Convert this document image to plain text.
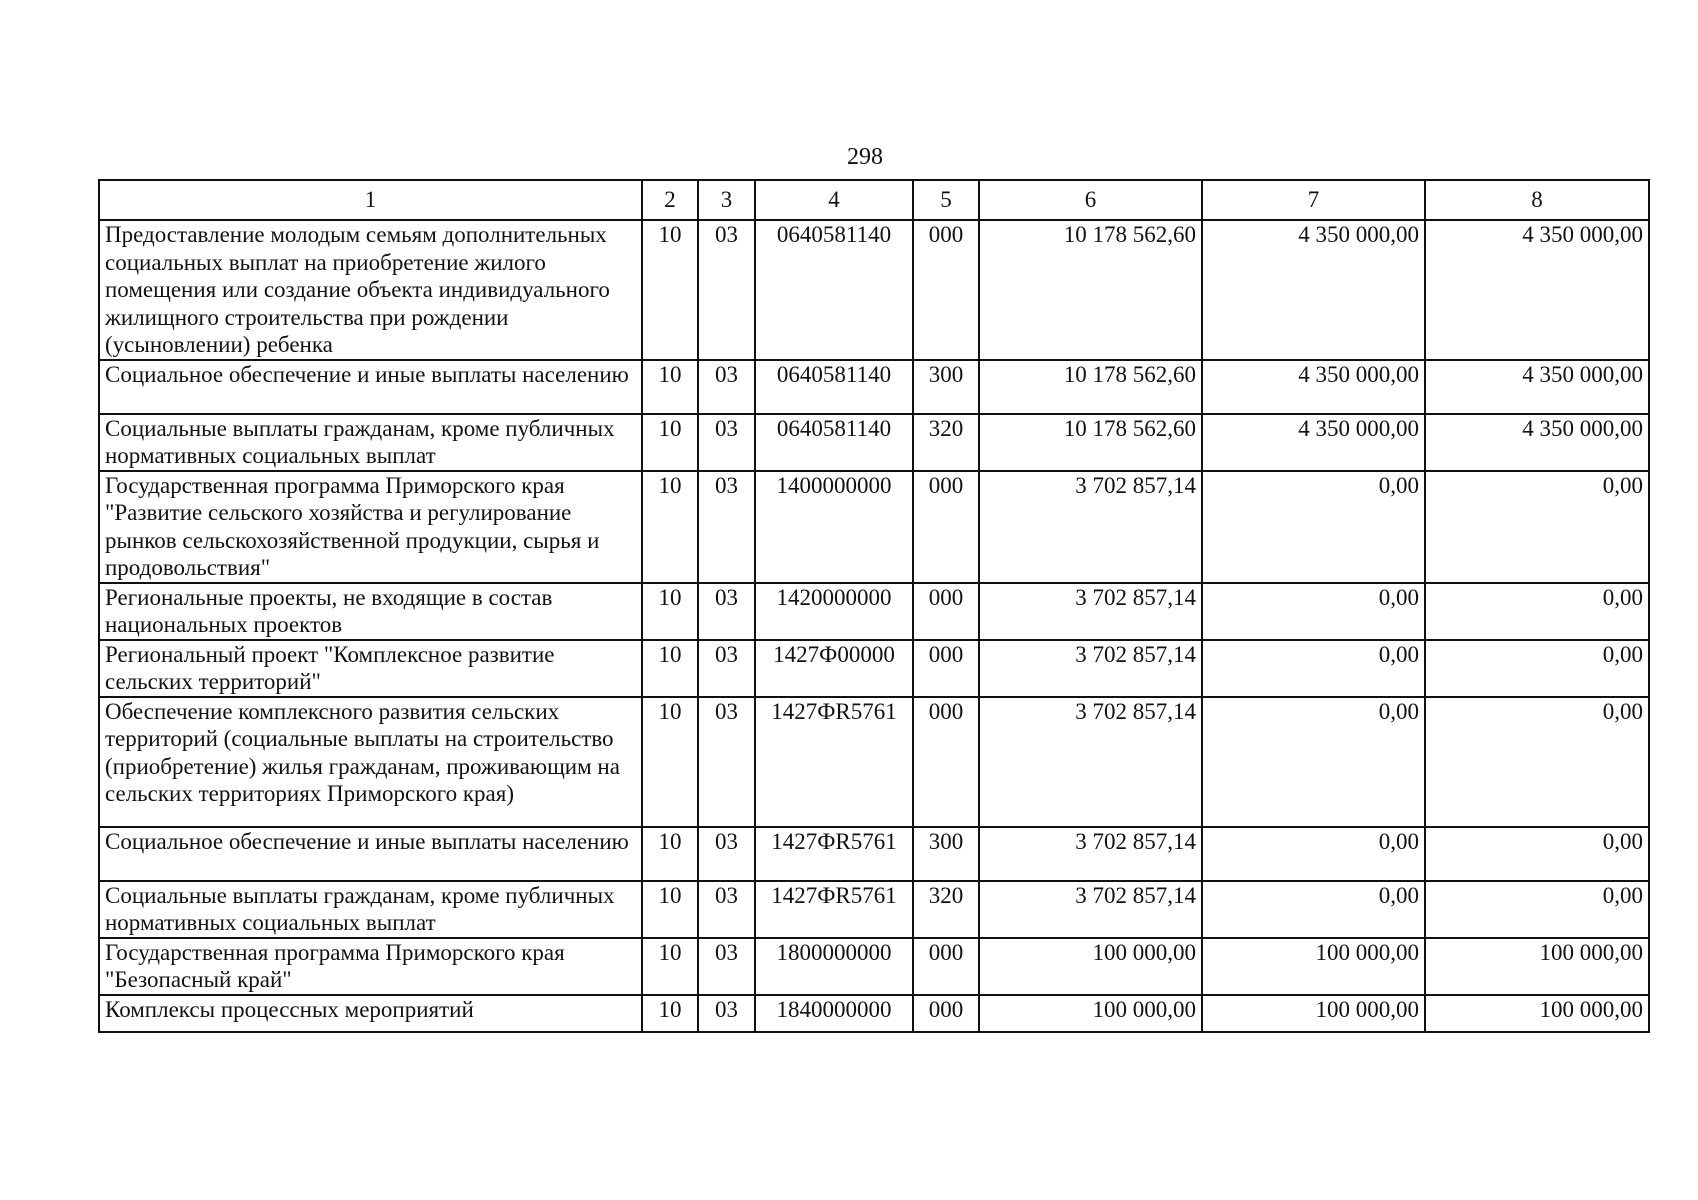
298
1	2	3	4	5	6	7	8
Предоставление молодым семьям дополнительных социальных выплат на приобретение жилого помещения или создание объекта индивидуального жилищного строительства при рождении (усыновлении) ребенка	10	03	0640581140	000	10 178 562,60	4 350 000,00	4 350 000,00
Социальное обеспечение и иные выплаты населению	10	03	0640581140	300	10 178 562,60	4 350 000,00	4 350 000,00
Социальные выплаты гражданам, кроме публичных нормативных социальных выплат	10	03	0640581140	320	10 178 562,60	4 350 000,00	4 350 000,00
Государственная программа Приморского края "Развитие сельского хозяйства и регулирование рынков сельскохозяйственной продукции, сырья и продовольствия"	10	03	1400000000	000	3 702 857,14	0,00	0,00
Региональные проекты, не входящие в состав национальных проектов	10	03	1420000000	000	3 702 857,14	0,00	0,00
Региональный проект "Комплексное развитие сельских территорий"	10	03	1427Ф00000	000	3 702 857,14	0,00	0,00
Обеспечение комплексного развития сельских территорий (социальные выплаты на строительство (приобретение) жилья гражданам, проживающим на сельских территориях Приморского края)	10	03	1427ФR5761	000	3 702 857,14	0,00	0,00
Социальное обеспечение и иные выплаты населению	10	03	1427ФR5761	300	3 702 857,14	0,00	0,00
Социальные выплаты гражданам, кроме публичных нормативных социальных выплат	10	03	1427ФR5761	320	3 702 857,14	0,00	0,00
Государственная программа Приморского края "Безопасный край"	10	03	1800000000	000	100 000,00	100 000,00	100 000,00
Комплексы процессных мероприятий	10	03	1840000000	000	100 000,00	100 000,00	100 000,00
